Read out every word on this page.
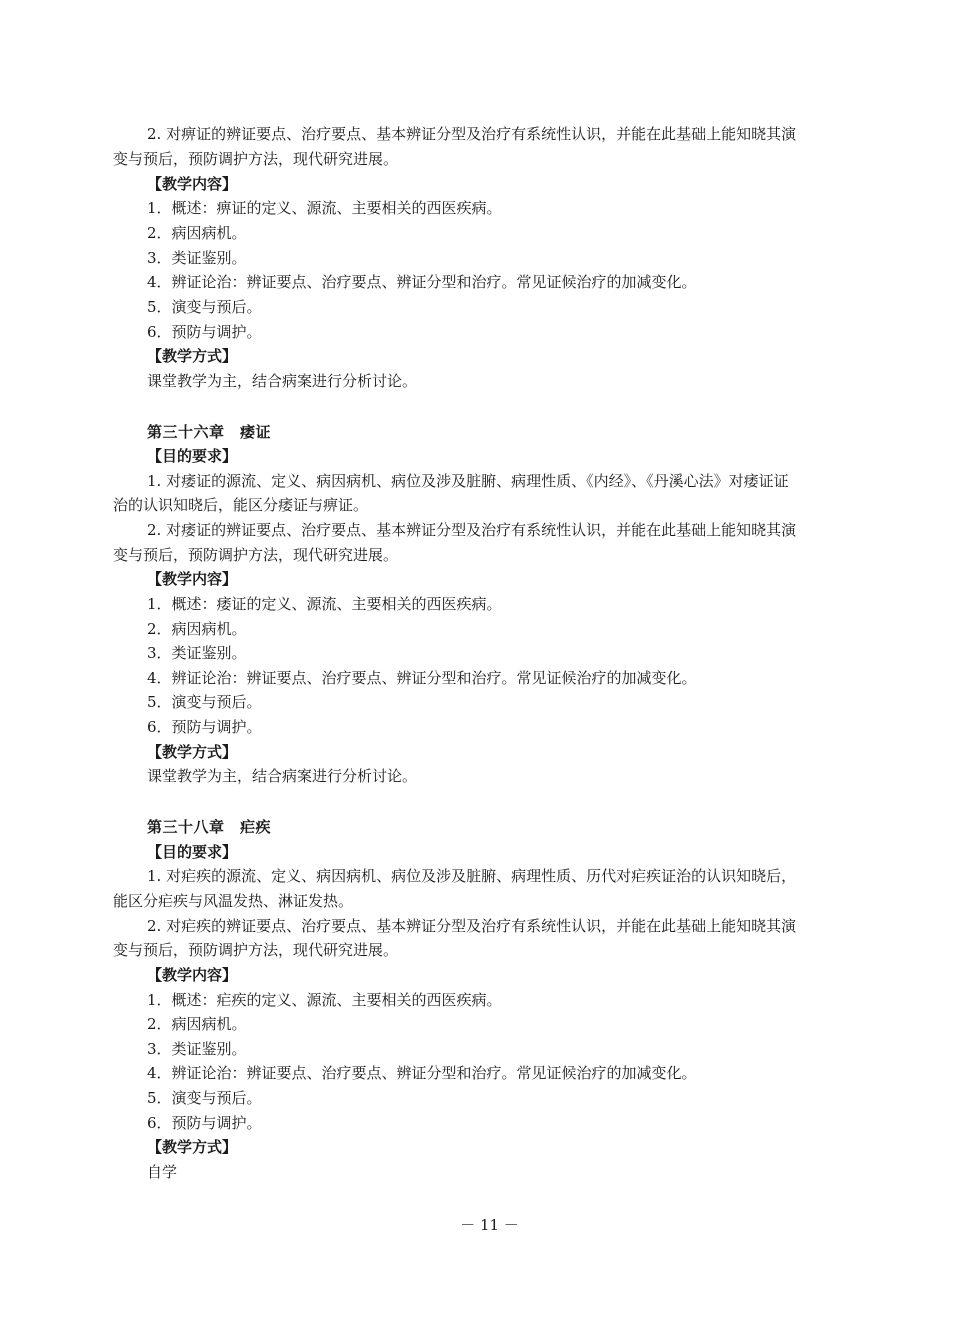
2. 对痹证的辨证要点、治疗要点、基本辨证分型及治疗有系统性认识，并能在此基础上能知晓其演
变与预后，预防调护方法，现代研究进展。
【教学内容】
1．概述：痹证的定义、源流、主要相关的西医疾病。
2．病因病机。
3．类证鉴别。
4．辨证论治：辨证要点、治疗要点、辨证分型和治疗。常见证候治疗的加减变化。
5．演变与预后。
6．预防与调护。
【教学方式】
课堂教学为主，结合病案进行分析讨论。
第三十六章　痿证
【目的要求】
1. 对痿证的源流、定义、病因病机、病位及涉及脏腑、病理性质、《内经》、《丹溪心法》对痿证证
治的认识知晓后，能区分痿证与痹证。
2. 对痿证的辨证要点、治疗要点、基本辨证分型及治疗有系统性认识，并能在此基础上能知晓其演
变与预后，预防调护方法，现代研究进展。
【教学内容】
1．概述：痿证的定义、源流、主要相关的西医疾病。
2．病因病机。
3．类证鉴别。
4．辨证论治：辨证要点、治疗要点、辨证分型和治疗。常见证候治疗的加减变化。
5．演变与预后。
6．预防与调护。
【教学方式】
课堂教学为主，结合病案进行分析讨论。
第三十八章　疟疾
【目的要求】
1. 对疟疾的源流、定义、病因病机、病位及涉及脏腑、病理性质、历代对疟疾证治的认识知晓后，
能区分疟疾与风温发热、淋证发热。
2. 对疟疾的辨证要点、治疗要点、基本辨证分型及治疗有系统性认识，并能在此基础上能知晓其演
变与预后，预防调护方法，现代研究进展。
【教学内容】
1．概述：疟疾的定义、源流、主要相关的西医疾病。
2．病因病机。
3．类证鉴别。
4．辨证论治：辨证要点、治疗要点、辨证分型和治疗。常见证候治疗的加减变化。
5．演变与预后。
6．预防与调护。
【教学方式】
自学
－ 11 －
